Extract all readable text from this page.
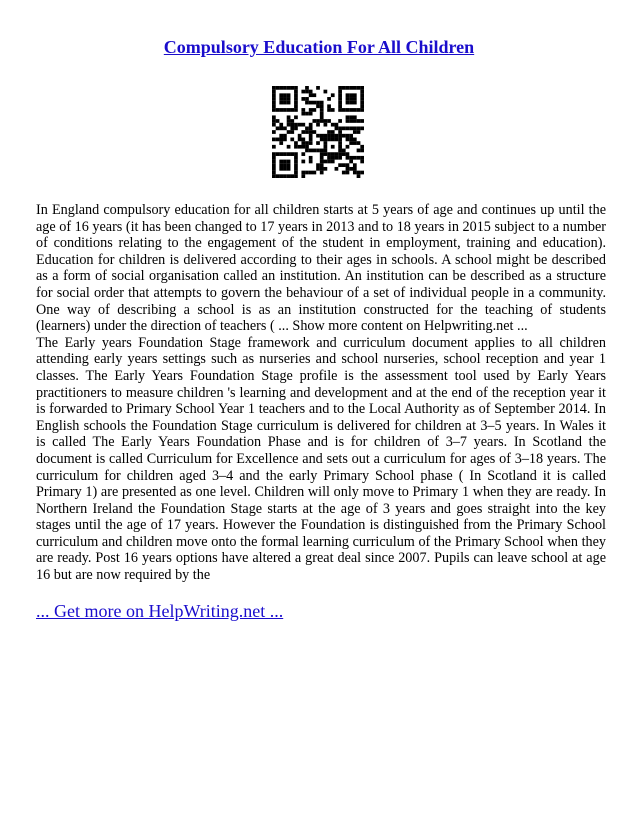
Compulsory Education For All Children

In England compulsory education for all children starts at 5 years of age and continues up until the age of 16 years (it has been changed to 17 years in 2013 and to 18 years in 2015 subject to a number of conditions relating to the engagement of the student in employment, training and education). Education for children is delivered according to their ages in schools. A school might be described as a form of social organisation called an institution. An institution can be described as a structure for social order that attempts to govern the behaviour of a set of individual people in a community. One way of describing a school is as an institution constructed for the teaching of students (learners) under the direction of teachers ( ... Show more content on Helpwriting.net ...

The Early years Foundation Stage framework and curriculum document applies to all children attending early years settings such as nurseries and school nurseries, school reception and year 1 classes. The Early Years Foundation Stage profile is the assessment tool used by Early Years practitioners to measure children 's learning and development and at the end of the reception year it is forwarded to Primary School Year 1 teachers and to the Local Authority as of September 2014. In English schools the Foundation Stage curriculum is delivered for children at 3–5 years. In Wales it is called The Early Years Foundation Phase and is for children of 3–7 years. In Scotland the document is called Curriculum for Excellence and sets out a curriculum for ages of 3–18 years. The curriculum for children aged 3–4 and the early Primary School phase ( In Scotland it is called Primary 1) are presented as one level. Children will only move to Primary 1 when they are ready. In Northern Ireland the Foundation Stage starts at the age of 3 years and goes straight into the key stages until the age of 17 years. However the Foundation is distinguished from the Primary School curriculum and children move onto the formal learning curriculum of the Primary School when they are ready. Post 16 years options have altered a great deal since 2007. Pupils can leave school at age 16 but are now required by the

... Get more on HelpWriting.net ...
